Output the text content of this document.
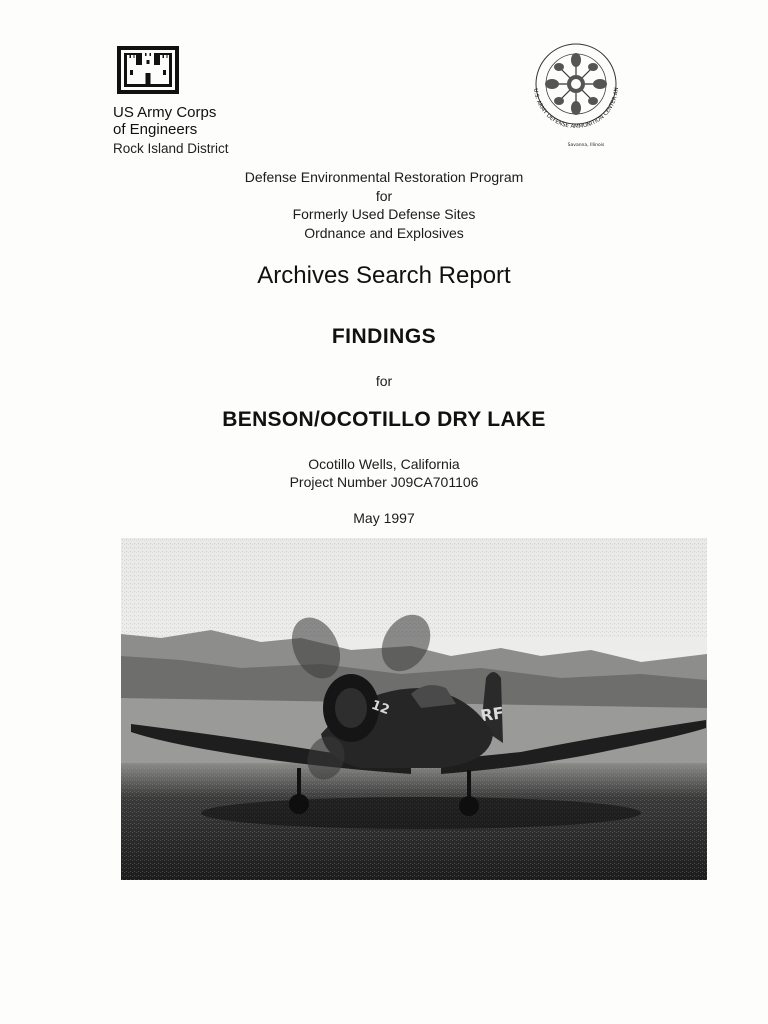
US Army Corps
of Engineers
Rock Island District
U.S. ARMY DEFENSE AMMUNITION CENTER AN
Savanna, Illinois
Defense Environmental Restoration Program
for
Formerly Used Defense Sites
Ordnance and Explosives
Archives Search Report
FINDINGS
for
BENSON/OCOTILLO DRY LAKE
Ocotillo Wells, California
Project Number J09CA701106
May 1997
RF
12
